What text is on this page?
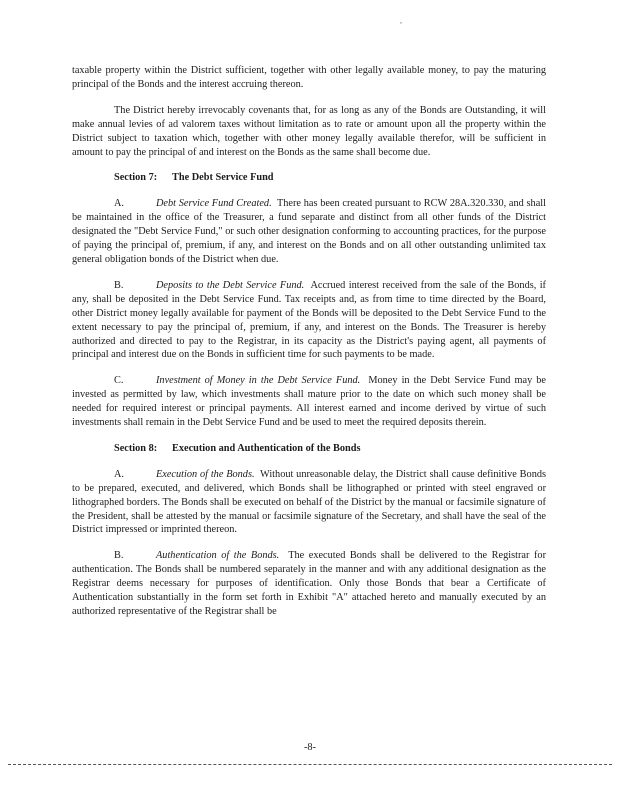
,

taxable property within the District sufficient, together with other legally available money, to pay the maturing principal of the Bonds and the interest accruing thereon.

The District hereby irrevocably covenants that, for as long as any of the Bonds are Outstanding, it will make annual levies of ad valorem taxes without limitation as to rate or amount upon all the property within the District subject to taxation which, together with other money legally available therefor, will be sufficient in amount to pay the principal of and interest on the Bonds as the same shall become due.

Section 7: The Debt Service Fund

A.	Debt Service Fund Created. There has been created pursuant to RCW 28A.320.330, and shall be maintained in the office of the Treasurer, a fund separate and distinct from all other funds of the District designated the "Debt Service Fund," or such other designation conforming to accounting practices, for the purpose of paying the principal of, premium, if any, and interest on the Bonds and on all other outstanding unlimited tax general obligation bonds of the District when due.

B.	Deposits to the Debt Service Fund. Accrued interest received from the sale of the Bonds, if any, shall be deposited in the Debt Service Fund. Tax receipts and, as from time to time directed by the Board, other District money legally available for payment of the Bonds will be deposited to the Debt Service Fund to the extent necessary to pay the principal of, premium, if any, and interest on the Bonds. The Treasurer is hereby authorized and directed to pay to the Registrar, in its capacity as the District's paying agent, all payments of principal and interest due on the Bonds in sufficient time for such payments to be made.

C.	Investment of Money in the Debt Service Fund. Money in the Debt Service Fund may be invested as permitted by law, which investments shall mature prior to the date on which such money shall be needed for required interest or principal payments. All interest earned and income derived by virtue of such investments shall remain in the Debt Service Fund and be used to meet the required deposits therein.

Section 8: Execution and Authentication of the Bonds

A.	Execution of the Bonds. Without unreasonable delay, the District shall cause definitive Bonds to be prepared, executed, and delivered, which Bonds shall be lithographed or printed with steel engraved or lithographed borders. The Bonds shall be executed on behalf of the District by the manual or facsimile signature of the President, shall be attested by the manual or facsimile signature of the Secretary, and shall have the seal of the District impressed or imprinted thereon.

B.	Authentication of the Bonds. The executed Bonds shall be delivered to the Registrar for authentication. The Bonds shall be numbered separately in the manner and with any additional designation as the Registrar deems necessary for purposes of identification. Only those Bonds that bear a Certificate of Authentication substantially in the form set forth in Exhibit "A" attached hereto and manually executed by an authorized representative of the Registrar shall be

-8-
